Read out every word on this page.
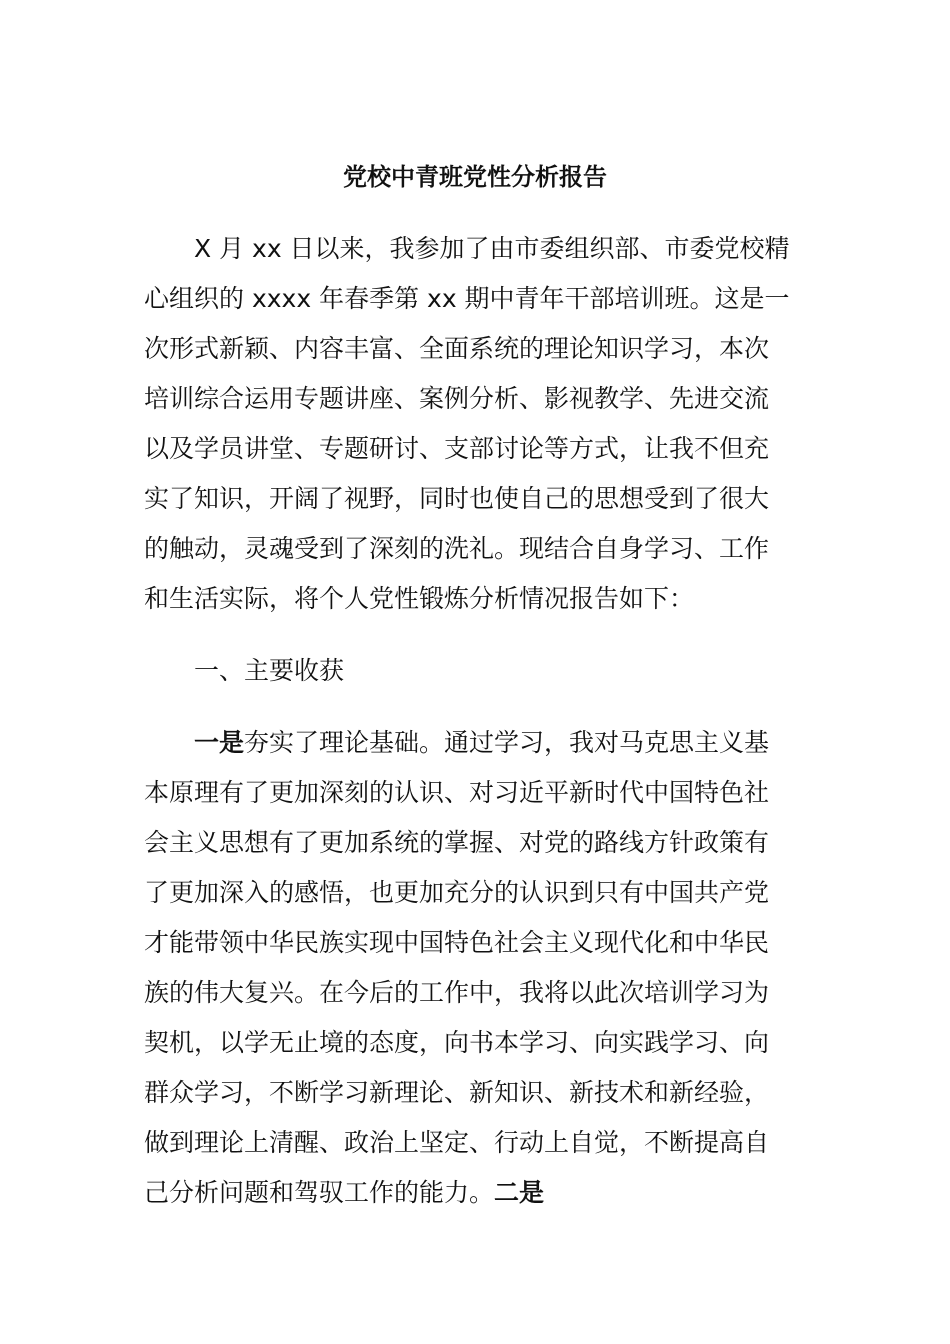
党校中青班党性分析报告

X 月 xx 日以来，我参加了由市委组织部、市委党校精

心组织的 xxxx 年春季第 xx 期中青年干部培训班。这是一

次形式新颖、内容丰富、全面系统的理论知识学习，本次

培训综合运用专题讲座、案例分析、影视教学、先进交流

以及学员讲堂、专题研讨、支部讨论等方式，让我不但充

实了知识，开阔了视野，同时也使自己的思想受到了很大

的触动，灵魂受到了深刻的洗礼。现结合自身学习、工作

和生活实际，将个人党性锻炼分析情况报告如下：

一、主要收获

一是夯实了理论基础。通过学习，我对马克思主义基

本原理有了更加深刻的认识、对习近平新时代中国特色社

会主义思想有了更加系统的掌握、对党的路线方针政策有

了更加深入的感悟，也更加充分的认识到只有中国共产党

才能带领中华民族实现中国特色社会主义现代化和中华民

族的伟大复兴。在今后的工作中，我将以此次培训学习为

契机，以学无止境的态度，向书本学习、向实践学习、向

群众学习，不断学习新理论、新知识、新技术和新经验，

做到理论上清醒、政治上坚定、行动上自觉，不断提高自

己分析问题和驾驭工作的能力。二是
